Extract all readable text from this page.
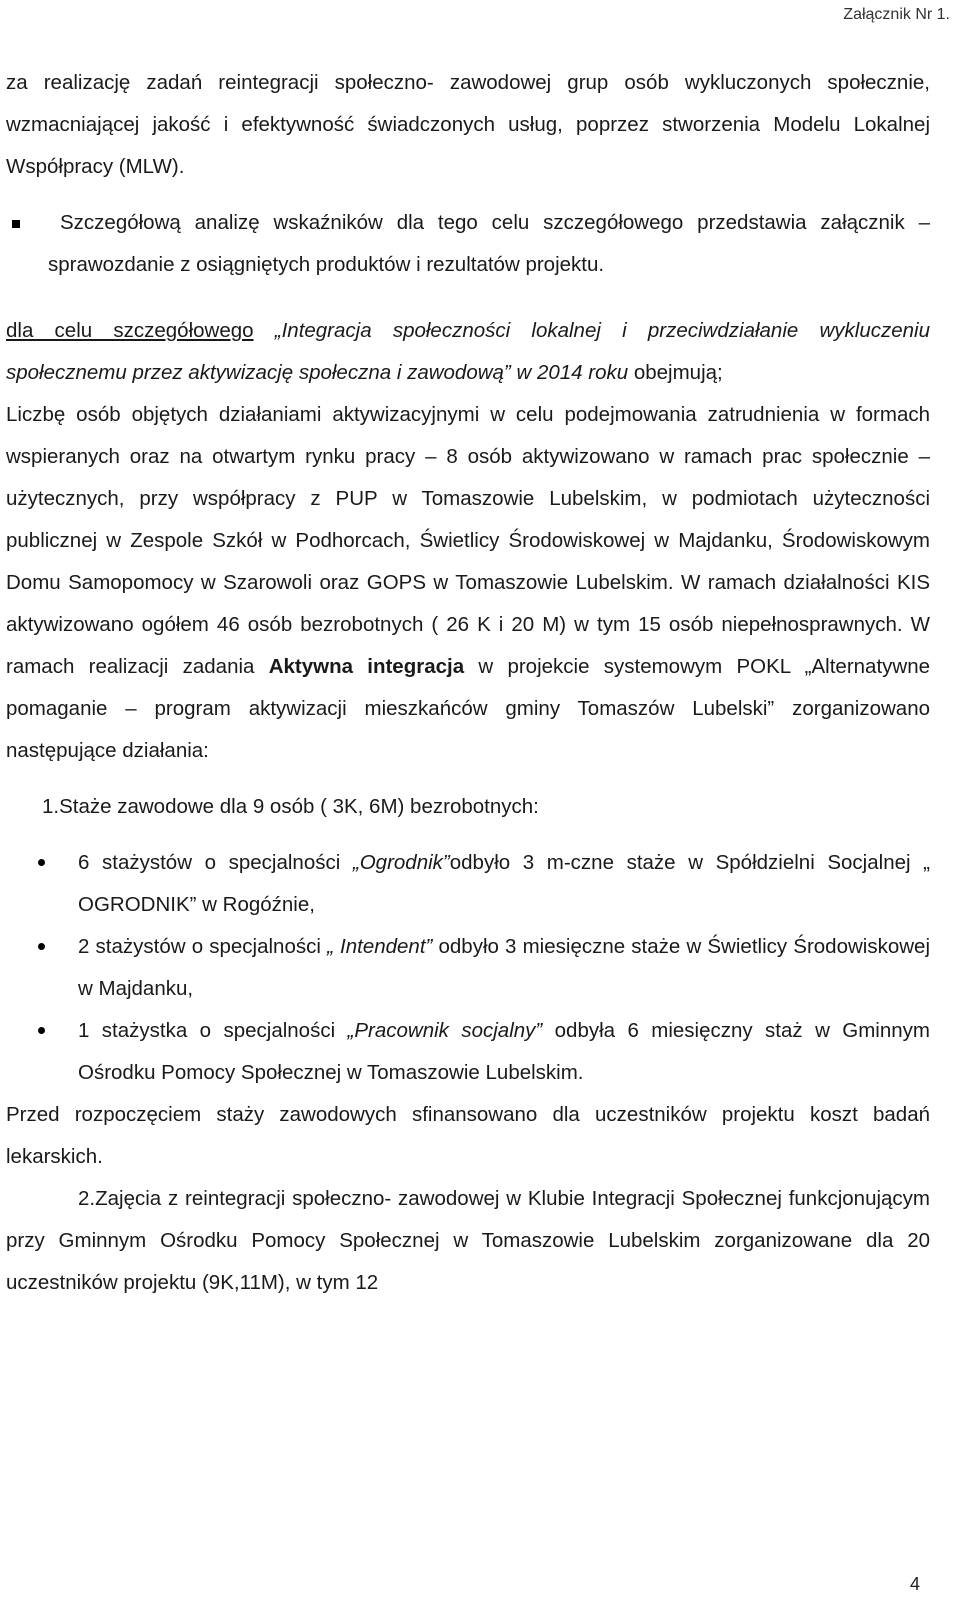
Załącznik Nr 1.

za realizację zadań reintegracji społeczno- zawodowej grup osób wykluczonych społecznie, wzmacniającej jakość i efektywność świadczonych usług, poprzez stworzenia Modelu Lokalnej Współpracy (MLW).

Szczegółową analizę wskaźników dla tego celu szczegółowego przedstawia załącznik – sprawozdanie z osiągniętych produktów i rezultatów projektu.

dla celu szczegółowego „Integracja społeczności lokalnej i przeciwdziałanie wykluczeniu społecznemu przez aktywizację społeczna i zawodową” w 2014 roku obejmują;

Liczbę osób objętych działaniami aktywizacyjnymi w celu podejmowania zatrudnienia w formach wspieranych oraz na otwartym rynku pracy – 8 osób aktywizowano w ramach prac społecznie – użytecznych, przy współpracy z PUP w Tomaszowie Lubelskim, w podmiotach użyteczności publicznej w Zespole Szkół w Podhorcach, Świetlicy Środowiskowej w Majdanku, Środowiskowym Domu Samopomocy w Szarowoli oraz GOPS w Tomaszowie Lubelskim. W ramach działalności KIS aktywizowano ogółem 46 osób bezrobotnych ( 26 K i 20 M) w tym 15 osób niepełnosprawnych. W ramach realizacji zadania Aktywna integracja w projekcie systemowym POKL „Alternatywne pomaganie – program aktywizacji mieszkańców gminy Tomaszów Lubelski” zorganizowano następujące działania:

1.Staże zawodowe dla 9 osób ( 3K, 6M) bezrobotnych:

6 stażystów o specjalności „Ogrodnik”odbyło 3 m-czne staże w Spółdzielni Socjalnej „ OGRODNIK” w Rogóźnie,
2 stażystów o specjalności „ Intendent” odbyło 3 miesięczne staże w Świetlicy Środowiskowej w Majdanku,
1 stażystka o specjalności „Pracownik socjalny” odbyła 6 miesięczny staż w Gminnym Ośrodku Pomocy Społecznej w Tomaszowie Lubelskim.

Przed rozpoczęciem staży zawodowych sfinansowano dla uczestników projektu koszt badań lekarskich.

2.Zajęcia z reintegracji społeczno- zawodowej w Klubie Integracji Społecznej funkcjonującym przy Gminnym Ośrodku Pomocy Społecznej w Tomaszowie Lubelskim zorganizowane dla 20 uczestników projektu (9K,11M), w tym 12

4
